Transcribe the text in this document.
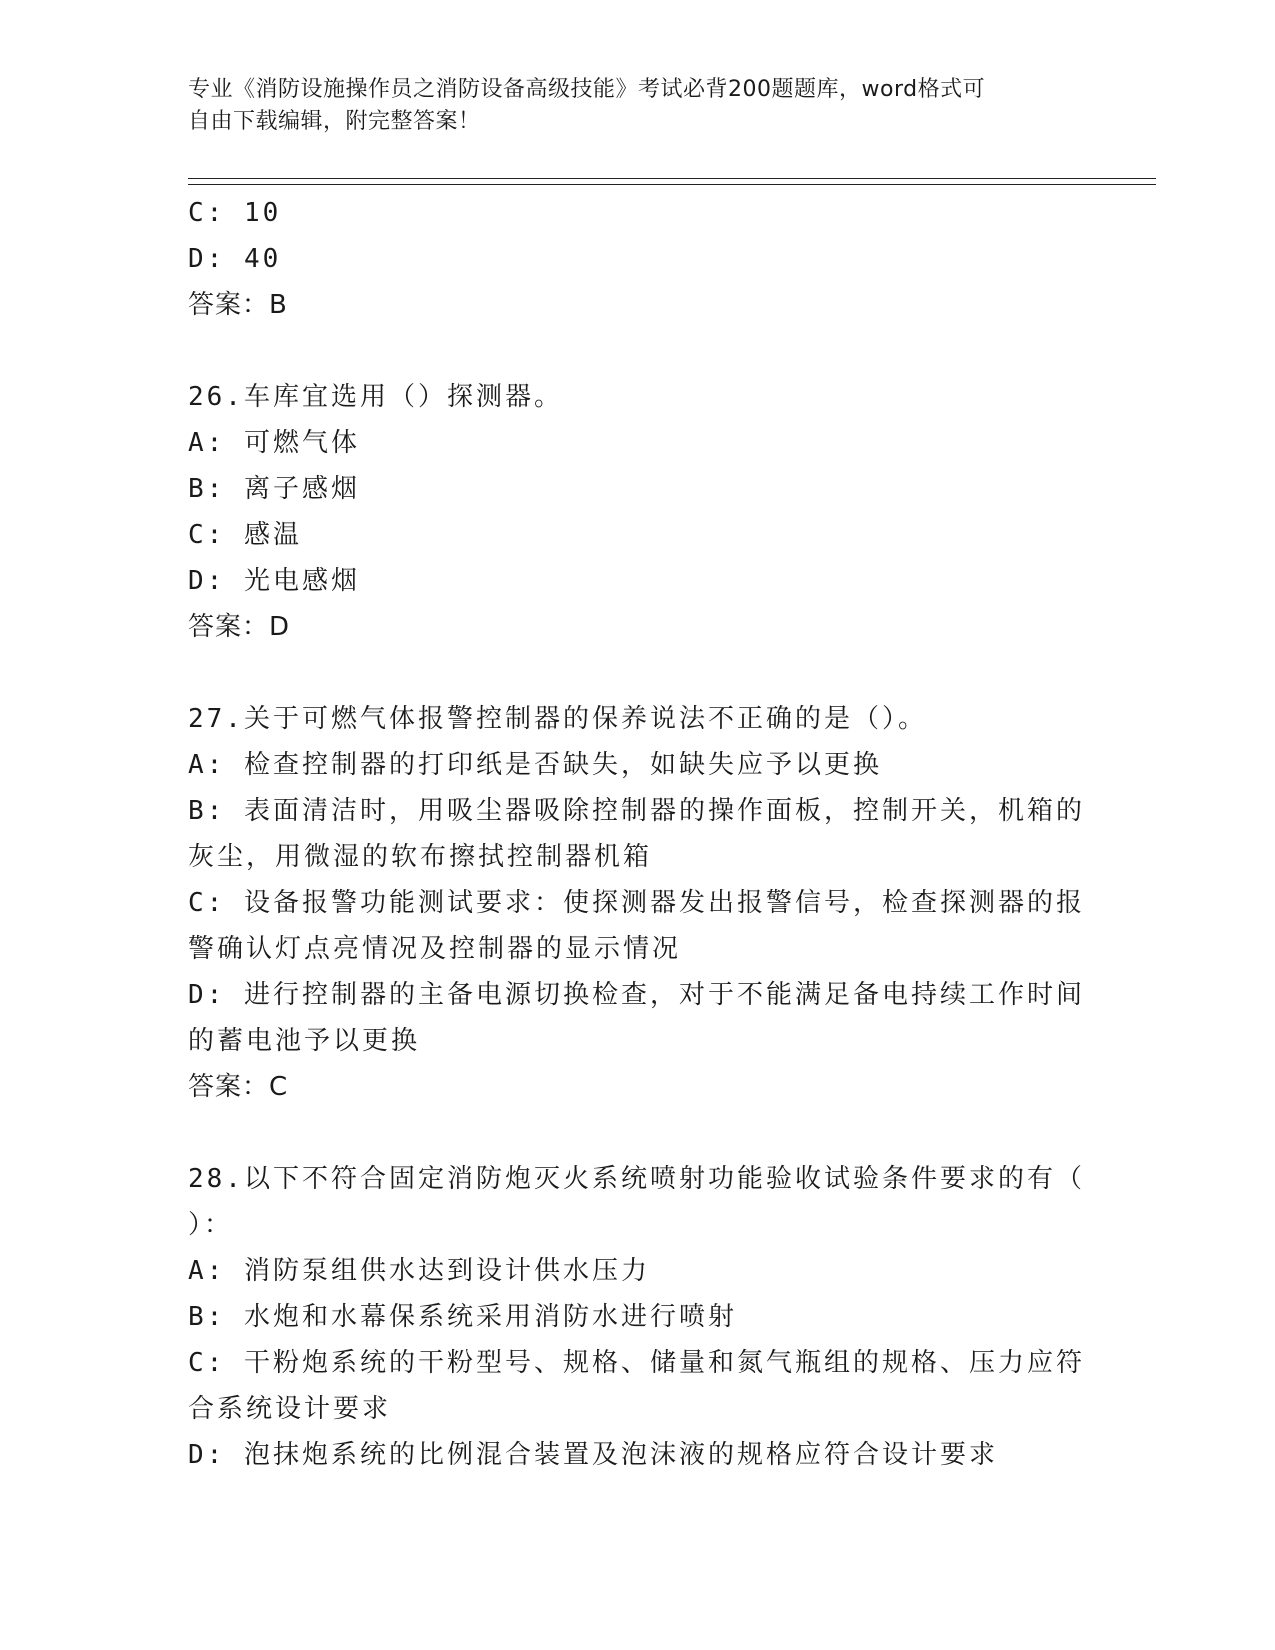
专业《消防设施操作员之消防设备高级技能》考试必背200题题库，word格式可
自由下载编辑，附完整答案！

C: 10

D: 40

答案：B

26.车库宜选用（）探测器。

A: 可燃气体

B: 离子感烟

C: 感温

D: 光电感烟

答案：D

27.关于可燃气体报警控制器的保养说法不正确的是（）。

A: 检查控制器的打印纸是否缺失，如缺失应予以更换

B: 表面清洁时，用吸尘器吸除控制器的操作面板，控制开关，机箱的

灰尘，用微湿的软布擦拭控制器机箱

C: 设备报警功能测试要求：使探测器发出报警信号，检查探测器的报

警确认灯点亮情况及控制器的显示情况

D: 进行控制器的主备电源切换检查，对于不能满足备电持续工作时间

的蓄电池予以更换

答案：C

28.以下不符合固定消防炮灭火系统喷射功能验收试验条件要求的有（

）：

A: 消防泵组供水达到设计供水压力

B: 水炮和水幕保系统采用消防水进行喷射

C: 干粉炮系统的干粉型号、规格、储量和氮气瓶组的规格、压力应符

合系统设计要求

D: 泡抹炮系统的比例混合装置及泡沫液的规格应符合设计要求
